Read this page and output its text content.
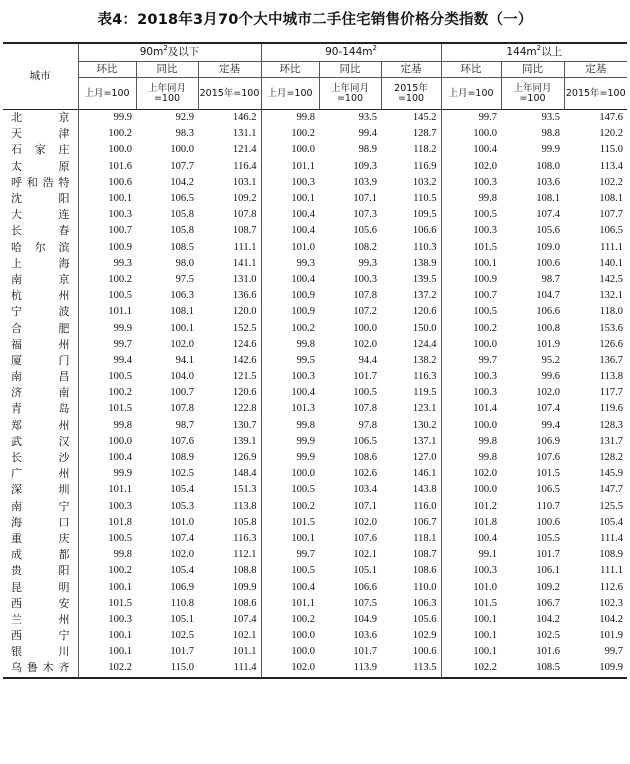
表4：2018年3月70个大中城市二手住宅销售价格分类指数（一）
城市	$90m^2$及以下			$90-144m^2$			$144m^2$以上		
	环比	同比	定基	环比	同比	定基	环比	同比	定基
	上月=100	上年同月=100	2015年=100	上月=100	上年同月=100	2015年=100	上月=100	上年同月=100	2015年=100
北京	99.9	92.9	146.2	99.8	93.5	145.2	99.7	93.5	147.6
天津	100.2	98.3	131.1	100.2	99.4	128.7	100.0	98.8	120.2
石家庄	100.0	100.0	121.4	100.0	98.9	118.2	100.4	99.9	115.0
太原	101.6	107.7	116.4	101.1	109.3	116.9	102.0	108.0	113.4
呼和浩特	100.6	104.2	103.1	100.3	103.9	103.2	100.3	103.6	102.2
沈阳	100.1	106.5	109.2	100.1	107.1	110.5	99.8	108.1	108.1
大连	100.3	105.8	107.8	100.4	107.3	109.5	100.5	107.4	107.7
长春	100.7	105.8	108.7	100.4	105.6	106.6	100.3	105.6	106.5
哈尔滨	100.9	108.5	111.1	101.0	108.2	110.3	101.5	109.0	111.1
上海	99.3	98.0	141.1	99.3	99.3	138.9	100.1	100.6	140.1
南京	100.2	97.5	131.0	100.4	100.3	139.5	100.9	98.7	142.5
杭州	100.5	106.3	136.6	100.9	107.8	137.2	100.7	104.7	132.1
宁波	101.1	108.1	120.0	100.9	107.2	120.6	100.5	106.6	118.0
合肥	99.9	100.1	152.5	100.2	100.0	150.0	100.2	100.8	153.6
福州	99.7	102.0	124.6	99.8	102.0	124.4	100.0	101.9	126.6
厦门	99.4	94.1	142.6	99.5	94.4	138.2	99.7	95.2	136.7
南昌	100.5	104.0	121.5	100.3	101.7	116.3	100.3	99.6	113.8
济南	100.2	100.7	120.6	100.4	100.5	119.5	100.3	102.0	117.7
青岛	101.5	107.8	122.8	101.3	107.8	123.1	101.4	107.4	119.6
郑州	99.8	98.7	130.7	99.8	97.8	130.2	100.0	99.4	128.3
武汉	100.0	107.6	139.1	99.9	106.5	137.1	99.8	106.9	131.7
长沙	100.4	108.9	126.9	99.9	108.6	127.0	99.8	107.6	128.2
广州	99.9	102.5	148.4	100.0	102.6	146.1	102.0	101.5	145.9
深圳	101.1	105.4	151.3	100.5	103.4	143.8	100.0	106.5	147.7
南宁	100.3	105.3	113.8	100.2	107.1	116.0	101.2	110.7	125.5
海口	101.8	101.0	105.8	101.5	102.0	106.7	101.8	100.6	105.4
重庆	100.5	107.4	116.3	100.1	107.6	118.1	100.4	105.5	111.4
成都	99.8	102.0	112.1	99.7	102.1	108.7	99.1	101.7	108.9
贵阳	100.2	105.4	108.8	100.5	105.1	108.6	100.3	106.1	111.1
昆明	100.1	106.9	109.9	100.4	106.6	110.0	101.0	109.2	112.6
西安	101.5	110.8	108.6	101.1	107.5	106.3	101.5	106.7	102.3
兰州	100.3	105.1	107.4	100.2	104.9	105.6	100.1	104.2	104.2
西宁	100.1	102.5	102.1	100.0	103.6	102.9	100.1	102.5	101.9
银川	100.1	101.7	101.1	100.0	101.7	100.6	100.1	101.6	99.7
乌鲁木齐	102.2	115.0	111.4	102.0	113.9	113.5	102.2	108.5	109.9
